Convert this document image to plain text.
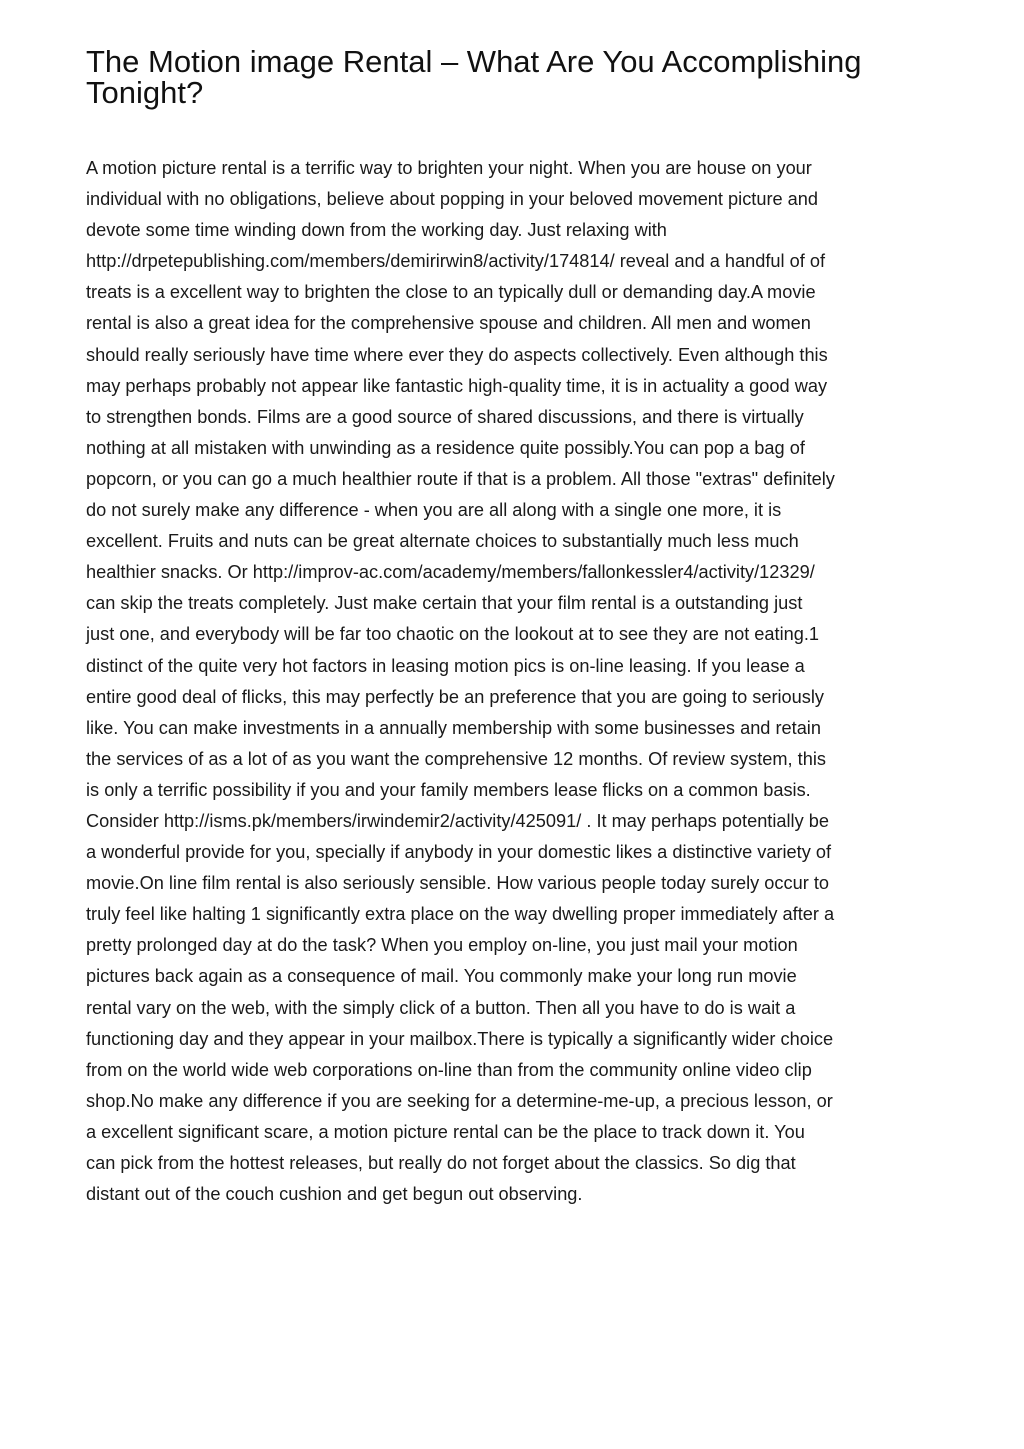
The Motion image Rental – What Are You Accomplishing
Tonight?
A motion picture rental is a terrific way to brighten your night. When you are house on your
individual with no obligations, believe about popping in your beloved movement picture and
devote some time winding down from the working day. Just relaxing with
http://drpetepublishing.com/members/demirirwin8/activity/174814/ reveal and a handful of of
treats is a excellent way to brighten the close to an typically dull or demanding day.A movie
rental is also a great idea for the comprehensive spouse and children. All men and women
should really seriously have time where ever they do aspects collectively. Even although this
may perhaps probably not appear like fantastic high-quality time, it is in actuality a good way
to strengthen bonds. Films are a good source of shared discussions, and there is virtually
nothing at all mistaken with unwinding as a residence quite possibly.You can pop a bag of
popcorn, or you can go a much healthier route if that is a problem. All those "extras" definitely
do not surely make any difference - when you are all along with a single one more, it is
excellent. Fruits and nuts can be great alternate choices to substantially much less much
healthier snacks. Or http://improv-ac.com/academy/members/fallonkessler4/activity/12329/
can skip the treats completely. Just make certain that your film rental is a outstanding just
just one, and everybody will be far too chaotic on the lookout at to see they are not eating.1
distinct of the quite very hot factors in leasing motion pics is on-line leasing. If you lease a
entire good deal of flicks, this may perfectly be an preference that you are going to seriously
like. You can make investments in a annually membership with some businesses and retain
the services of as a lot of as you want the comprehensive 12 months. Of review system, this
is only a terrific possibility if you and your family members lease flicks on a common basis.
Consider http://isms.pk/members/irwindemir2/activity/425091/ . It may perhaps potentially be
a wonderful provide for you, specially if anybody in your domestic likes a distinctive variety of
movie.On line film rental is also seriously sensible. How various people today surely occur to
truly feel like halting 1 significantly extra place on the way dwelling proper immediately after a
pretty prolonged day at do the task? When you employ on-line, you just mail your motion
pictures back again as a consequence of mail. You commonly make your long run movie
rental vary on the web, with the simply click of a button. Then all you have to do is wait a
functioning day and they appear in your mailbox.There is typically a significantly wider choice
from on the world wide web corporations on-line than from the community online video clip
shop.No make any difference if you are seeking for a determine-me-up, a precious lesson, or
a excellent significant scare, a motion picture rental can be the place to track down it. You
can pick from the hottest releases, but really do not forget about the classics. So dig that
distant out of the couch cushion and get begun out observing.
